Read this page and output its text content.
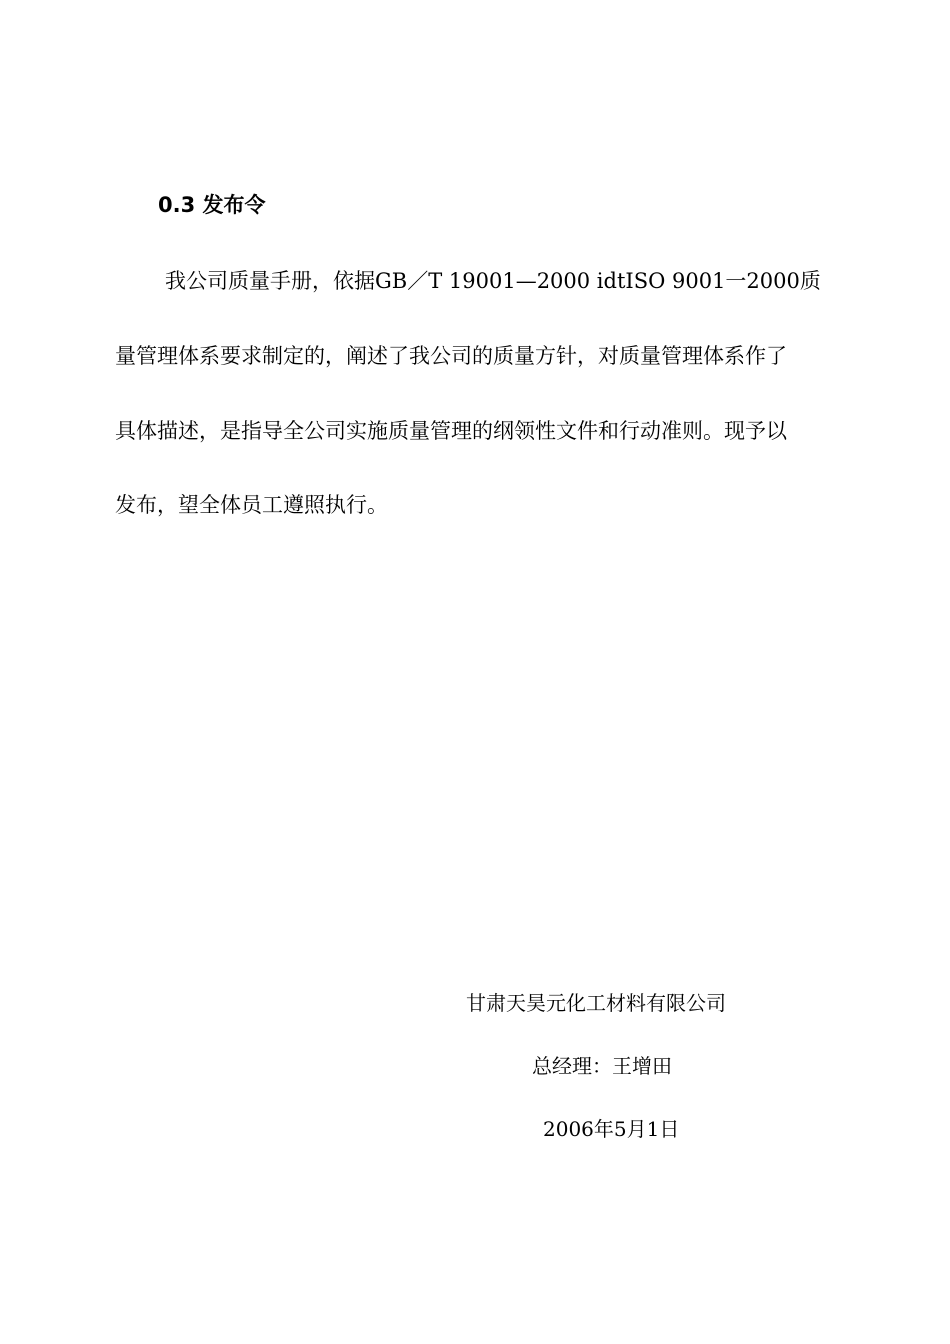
0.3 发布令
我公司质量手册，依据GB／T 19001—2000 idtISO 9001一2000质
量管理体系要求制定的，阐述了我公司的质量方针，对质量管理体系作了
具体描述，是指导全公司实施质量管理的纲领性文件和行动准则。现予以
发布，望全体员工遵照执行。
甘肃天昊元化工材料有限公司
总经理：王增田
2006年5月1日
